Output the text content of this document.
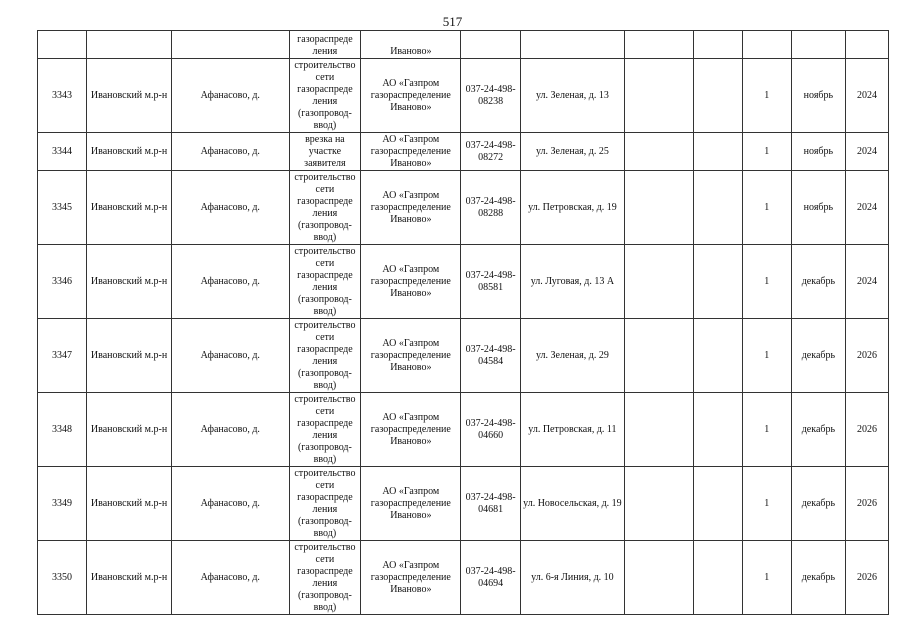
517
			газораспреде ления	Иваново»							
3343	Ивановский м.р-н	Афанасово, д.	строительство сети газораспреде ления (газопровод-ввод)	АО «Газпром газораспределение Иваново»	037-24-498-08238	ул. Зеленая, д. 13			1	ноябрь	2024
3344	Ивановский м.р-н	Афанасово, д.	врезка на участке заявителя	АО «Газпром газораспределение Иваново»	037-24-498-08272	ул. Зеленая, д. 25			1	ноябрь	2024
3345	Ивановский м.р-н	Афанасово, д.	строительство сети газораспреде ления (газопровод-ввод)	АО «Газпром газораспределение Иваново»	037-24-498-08288	ул. Петровская, д. 19			1	ноябрь	2024
3346	Ивановский м.р-н	Афанасово, д.	строительство сети газораспреде ления (газопровод-ввод)	АО «Газпром газораспределение Иваново»	037-24-498-08581	ул. Луговая, д. 13 А			1	декабрь	2024
3347	Ивановский м.р-н	Афанасово, д.	строительство сети газораспреде ления (газопровод-ввод)	АО «Газпром газораспределение Иваново»	037-24-498-04584	ул. Зеленая, д. 29			1	декабрь	2026
3348	Ивановский м.р-н	Афанасово, д.	строительство сети газораспреде ления (газопровод-ввод)	АО «Газпром газораспределение Иваново»	037-24-498-04660	ул. Петровская, д. 11			1	декабрь	2026
3349	Ивановский м.р-н	Афанасово, д.	строительство сети газораспреде ления (газопровод-ввод)	АО «Газпром газораспределение Иваново»	037-24-498-04681	ул. Новосельская, д. 19			1	декабрь	2026
3350	Ивановский м.р-н	Афанасово, д.	строительство сети газораспреде ления (газопровод-ввод)	АО «Газпром газораспределение Иваново»	037-24-498-04694	ул. 6-я Линия, д. 10			1	декабрь	2026
